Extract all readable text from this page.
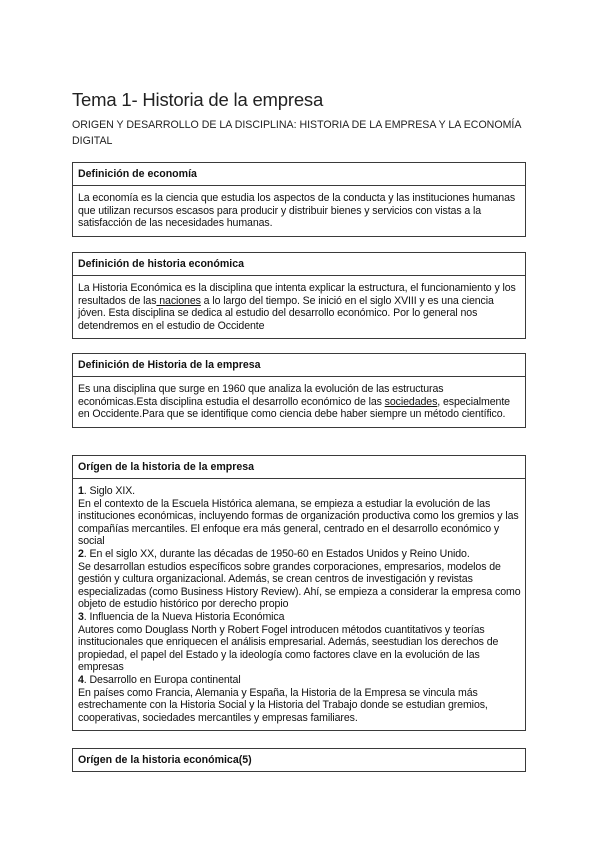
Tema 1- Historia de la empresa
ORIGEN Y DESARROLLO DE LA DISCIPLINA: HISTORIA DE LA EMPRESA Y LA ECONOMÍA DIGITAL
Definición de economía

La economía es la ciencia que estudia los aspectos de la conducta y las instituciones humanas que utilizan recursos escasos para producir y distribuir bienes y servicios con vistas a la satisfacción de las necesidades humanas.

Definición de historia económica

La Historia Económica es la disciplina que intenta explicar la estructura, el funcionamiento y los resultados de las naciones a lo largo del tiempo. Se inició en el siglo XVIII y es una ciencia jóven. Esta disciplina se dedica al estudio del desarrollo económico. Por lo general nos detendremos en el estudio de Occidente

Definición de Historia de la empresa

Es una disciplina que surge en 1960 que analiza la evolución de las estructuras económicas.Esta disciplina estudia el desarrollo económico de las sociedades, especialmente en Occidente.Para que se identifique como ciencia debe haber siempre un método científico.

Orígen de la historia de la empresa

1. Siglo XIX.

En el contexto de la Escuela Histórica alemana, se empieza a estudiar la evolución de las instituciones económicas, incluyendo formas de organización productiva como los gremios y las compañías mercantiles. El enfoque era más general, centrado en el desarrollo económico y social

2. En el siglo XX, durante las décadas de 1950-60 en Estados Unidos y Reino Unido.

Se desarrollan estudios específicos sobre grandes corporaciones, empresarios, modelos de gestión y cultura organizacional. Además, se crean centros de investigación y revistas especializadas (como Business History Review). Ahí, se empieza a considerar la empresa como objeto de estudio histórico por derecho propio

3. Influencia de la Nueva Historia Económica

Autores como Douglass North y Robert Fogel introducen métodos cuantitativos y teorías institucionales que enriquecen el análisis empresarial. Además, seestudian los derechos de propiedad, el papel del Estado y la ideología como factores clave en la evolución de las empresas

4. Desarrollo en Europa continental

En países como Francia, Alemania y España, la Historia de la Empresa se vincula más estrechamente con la Historia Social y la Historia del Trabajo donde se estudian gremios, cooperativas, sociedades mercantiles y empresas familiares.

Orígen de la historia económica(5)
